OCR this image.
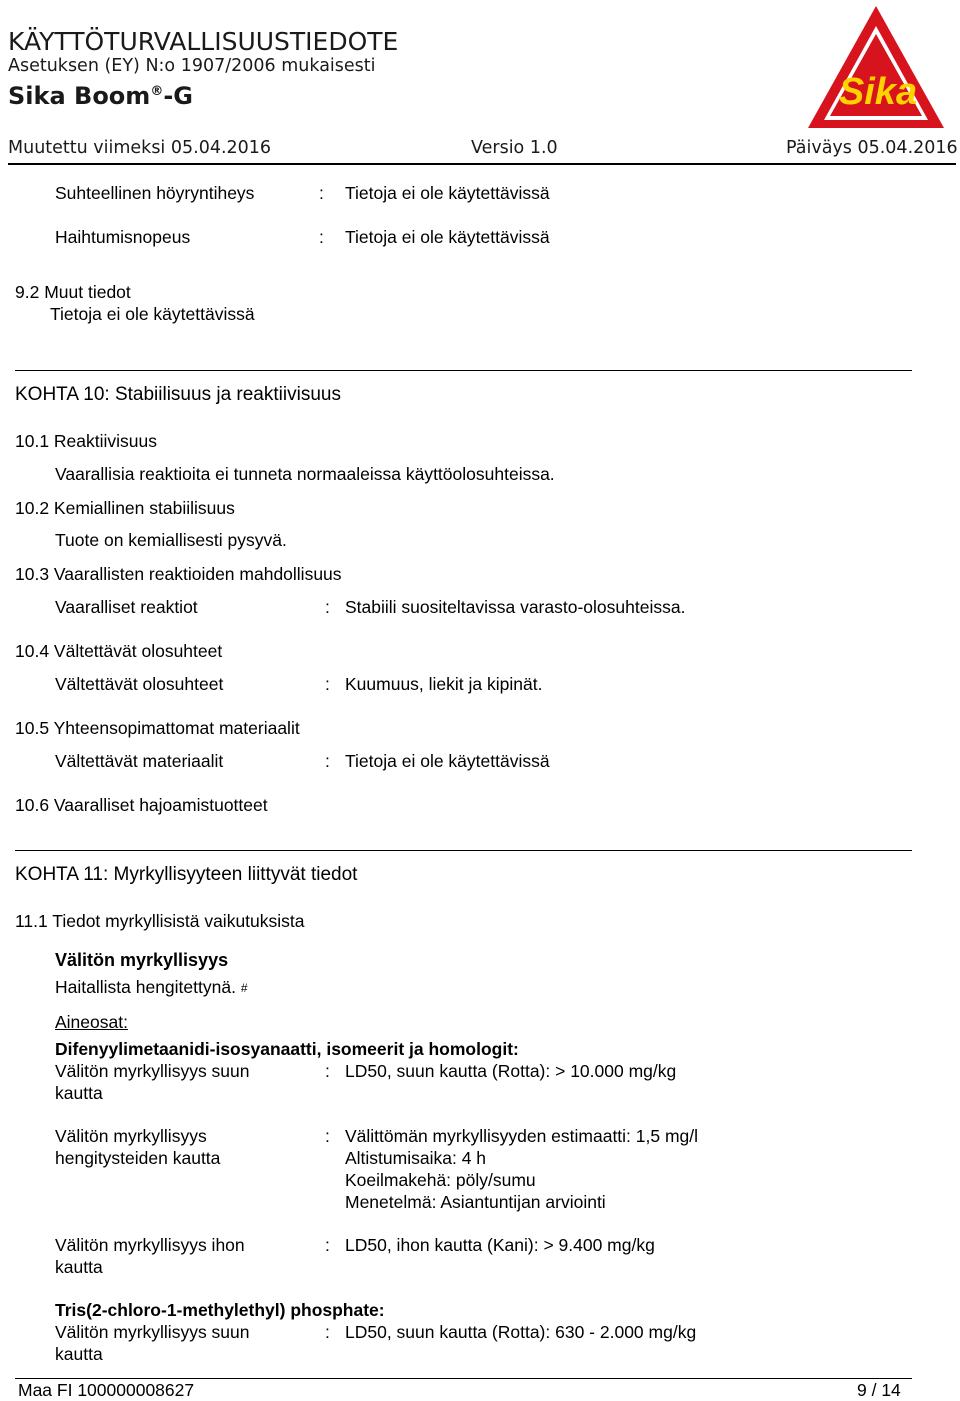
KÄYTTÖTURVALLISUUSTIEDOTE
Asetuksen (EY) N:o 1907/2006 mukaisesti
Sika Boom®-G	Sika
Muutettu viimeksi 05.04.2016	Versio 1.0	Päiväys 05.04.2016
Suhteellinen höyryntiheys	: Tietoja ei ole käytettävissä
Haihtumisnopeus	: Tietoja ei ole käytettävissä
9.2 Muut tiedot
Tietoja ei ole käytettävissä
KOHTA 10: Stabiilisuus ja reaktiivisuus
10.1 Reaktiivisuus
Vaarallisia reaktioita ei tunneta normaaleissa käyttöolosuhteissa.
10.2 Kemiallinen stabiilisuus
Tuote on kemiallisesti pysyvä.
10.3 Vaarallisten reaktioiden mahdollisuus
Vaaralliset reaktiot	: Stabiili suositeltavissa varasto-olosuhteissa.
10.4 Vältettävät olosuhteet
Vältettävät olosuhteet	: Kuumuus, liekit ja kipinät.
10.5 Yhteensopimattomat materiaalit
Vältettävät materiaalit	: Tietoja ei ole käytettävissä
10.6 Vaaralliset hajoamistuotteet
KOHTA 11: Myrkyllisyyteen liittyvät tiedot
11.1 Tiedot myrkyllisistä vaikutuksista
Välitön myrkyllisyys
Haitallista hengitettynä. #
Aineosat:
Difenyylimetaanidi-isosyanaatti, isomeerit ja homologit:
Välitön myrkyllisyys suun
kautta
: LD50, suun kautta (Rotta): > 10.000 mg/kg
Välitön myrkyllisyys
hengitysteiden kautta
: Välittömän myrkyllisyyden estimaatti: 1,5 mg/l
Altistumisaika: 4 h
Koeilmakehä: pöly/sumu
Menetelmä: Asiantuntijan arviointi
Välitön myrkyllisyys ihon
kautta
: LD50, ihon kautta (Kani): > 9.400 mg/kg
Tris(2-chloro-1-methylethyl) phosphate:
Välitön myrkyllisyys suun
kautta
: LD50, suun kautta (Rotta): 630 - 2.000 mg/kg
Maa FI 100000008627	9 / 14
